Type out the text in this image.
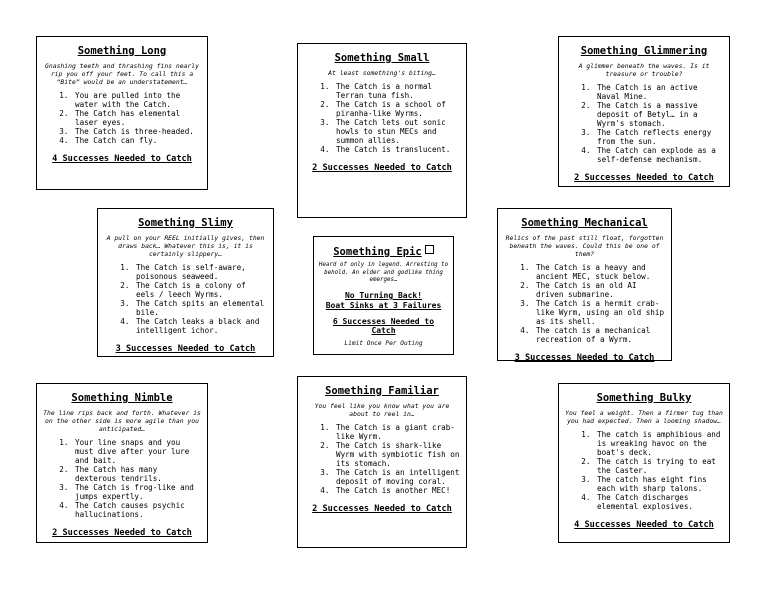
Something Long
Gnashing teeth and thrashing fins nearly rip you off your feet. To call this a “Bite” would be an understatement…
1. You are pulled into the water with the Catch.
2. The Catch has elemental laser eyes.
3. The Catch is three-headed.
4. The Catch can fly.
4 Successes Needed to Catch
Something Small
At least something's biting…
1. The Catch is a normal Terran tuna fish.
2. The Catch is a school of piranha-like Wyrms.
3. The Catch lets out sonic howls to stun MECs and summon allies.
4. The Catch is translucent.
2 Successes Needed to Catch
Something Glimmering
A glimmer beneath the waves. Is it treasure or trouble?
1. The Catch is an active Naval Mine.
2. The Catch is a massive deposit of Betyl… in a Wyrm's stomach.
3. The Catch reflects energy from the sun.
4. The Catch can explode as a self-defense mechanism.
2 Successes Needed to Catch
Something Slimy
A pull on your REEL initially gives, then draws back… Whatever this is, it is certainly slippery…
1. The Catch is self-aware, poisonous seaweed.
2. The Catch is a colony of eels / leech Wyrms.
3. The Catch spits an elemental bile.
4. The Catch leaks a black and intelligent ichor.
3 Successes Needed to Catch
Something Epic
Heard of only in legend. Arresting to behold. An elder and godlike thing emerges…
No Turning Back!
Boat Sinks at 3 Failures
6 Successes Needed to Catch
Limit Once Per Outing
Something Mechanical
Relics of the past still float, forgotten beneath the waves. Could this be one of them?
1. The Catch is a heavy and ancient MEC, stuck below.
2. The Catch is an old AI driven submarine.
3. The Catch is a hermit crab-like Wyrm, using an old ship as its shell.
4. The catch is a mechanical recreation of a Wyrm.
3 Successes Needed to Catch
Something Nimble
The line rips back and forth. Whatever is on the other side is more agile than you anticipated…
1. Your line snaps and you must dive after your lure and bait.
2. The Catch has many dexterous tendrils.
3. The Catch is frog-like and jumps expertly.
4. The Catch causes psychic hallucinations.
2 Successes Needed to Catch
Something Familiar
You feel like you know what you are about to reel in…
1. The Catch is a giant crab-like Wyrm.
2. The Catch is shark-like Wyrm with symbiotic fish on its stomach.
3. The Catch is an intelligent deposit of moving coral.
4. The Catch is another MEC!
2 Successes Needed to Catch
Something Bulky
You feel a weight. Then a firmer tug than you had expected. Then a looming shadow…
1. The catch is amphibious and is wreaking havoc on the boat's deck.
2. The catch is trying to eat the Caster.
3. The catch has eight fins each with sharp talons.
4. The Catch discharges elemental explosives.
4 Successes Needed to Catch
